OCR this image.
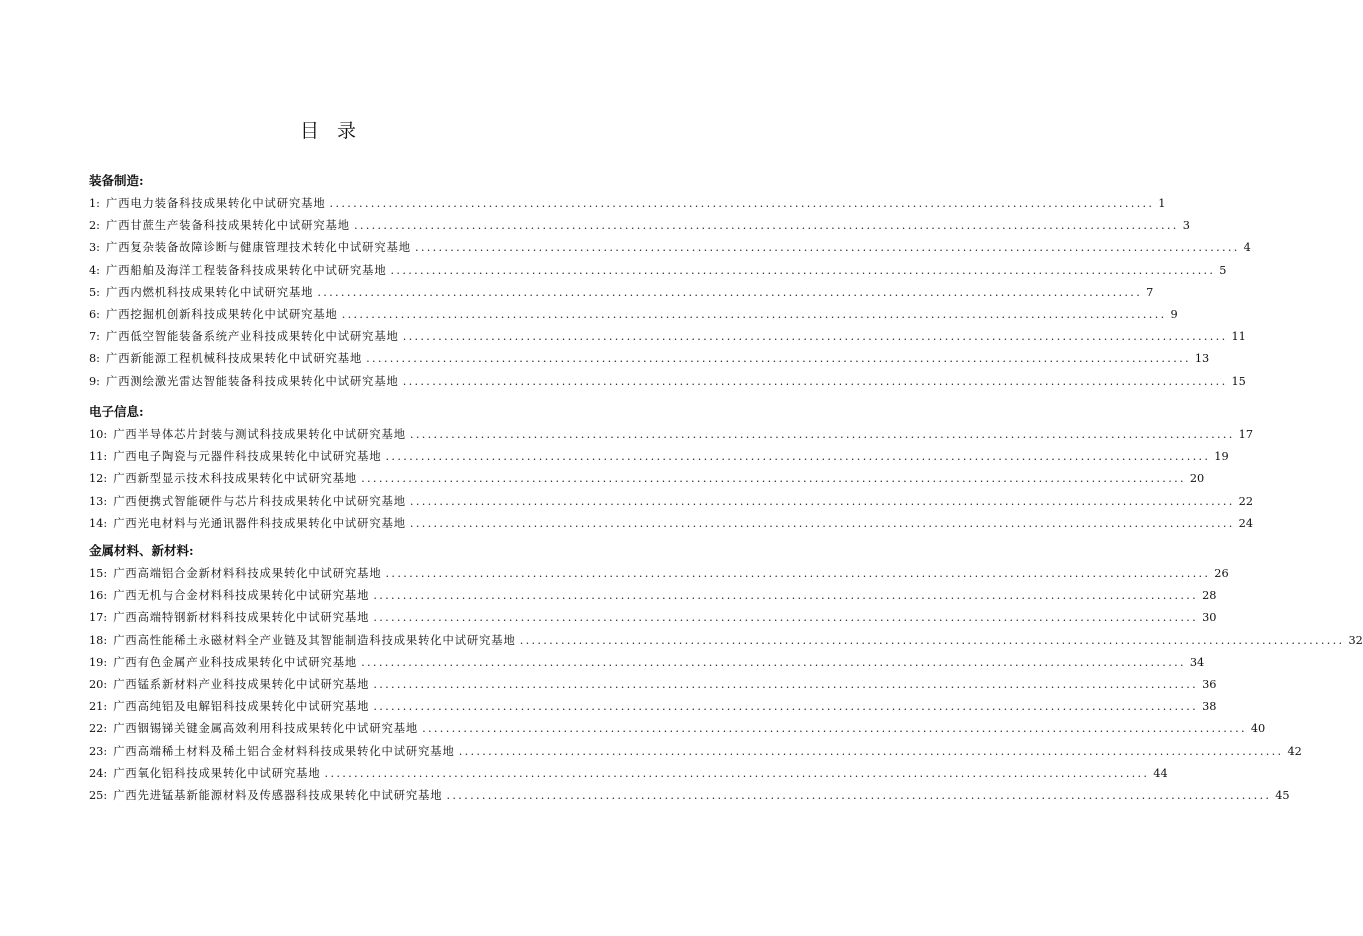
目 录
装备制造:
1: 广西电力装备科技成果转化中试研究基地 ............................................................................................................................................ 1
2: 广西甘蔗生产装备科技成果转化中试研究基地 ............................................................................................................................................ 3
3: 广西复杂装备故障诊断与健康管理技术转化中试研究基地 ............................................................................................................................................ 4
4: 广西船舶及海洋工程装备科技成果转化中试研究基地 ............................................................................................................................................ 5
5: 广西内燃机科技成果转化中试研究基地 ............................................................................................................................................ 7
6: 广西挖掘机创新科技成果转化中试研究基地 ............................................................................................................................................ 9
7: 广西低空智能装备系统产业科技成果转化中试研究基地 ............................................................................................................................................ 11
8: 广西新能源工程机械科技成果转化中试研究基地 ............................................................................................................................................ 13
9: 广西测绘激光雷达智能装备科技成果转化中试研究基地 ............................................................................................................................................ 15
电子信息:
10: 广西半导体芯片封装与测试科技成果转化中试研究基地 ............................................................................................................................................ 17
11: 广西电子陶瓷与元器件科技成果转化中试研究基地 ............................................................................................................................................ 19
12: 广西新型显示技术科技成果转化中试研究基地 ............................................................................................................................................ 20
13: 广西便携式智能硬件与芯片科技成果转化中试研究基地 ............................................................................................................................................ 22
14: 广西光电材料与光通讯器件科技成果转化中试研究基地 ............................................................................................................................................ 24
金属材料、新材料:
15: 广西高端铝合金新材料科技成果转化中试研究基地 ............................................................................................................................................ 26
16: 广西无机与合金材料科技成果转化中试研究基地 ............................................................................................................................................ 28
17: 广西高端特钢新材料科技成果转化中试研究基地 ............................................................................................................................................ 30
18: 广西高性能稀土永磁材料全产业链及其智能制造科技成果转化中试研究基地 ............................................................................................................................................ 32
19: 广西有色金属产业科技成果转化中试研究基地 ............................................................................................................................................ 34
20: 广西锰系新材料产业科技成果转化中试研究基地 ............................................................................................................................................ 36
21: 广西高纯铝及电解铝科技成果转化中试研究基地 ............................................................................................................................................ 38
22: 广西铟锡锑关键金属高效利用科技成果转化中试研究基地 ............................................................................................................................................ 40
23: 广西高端稀土材料及稀土铝合金材料科技成果转化中试研究基地 ............................................................................................................................................ 42
24: 广西氧化铝科技成果转化中试研究基地 ............................................................................................................................................ 44
25: 广西先进锰基新能源材料及传感器科技成果转化中试研究基地 ............................................................................................................................................ 45
